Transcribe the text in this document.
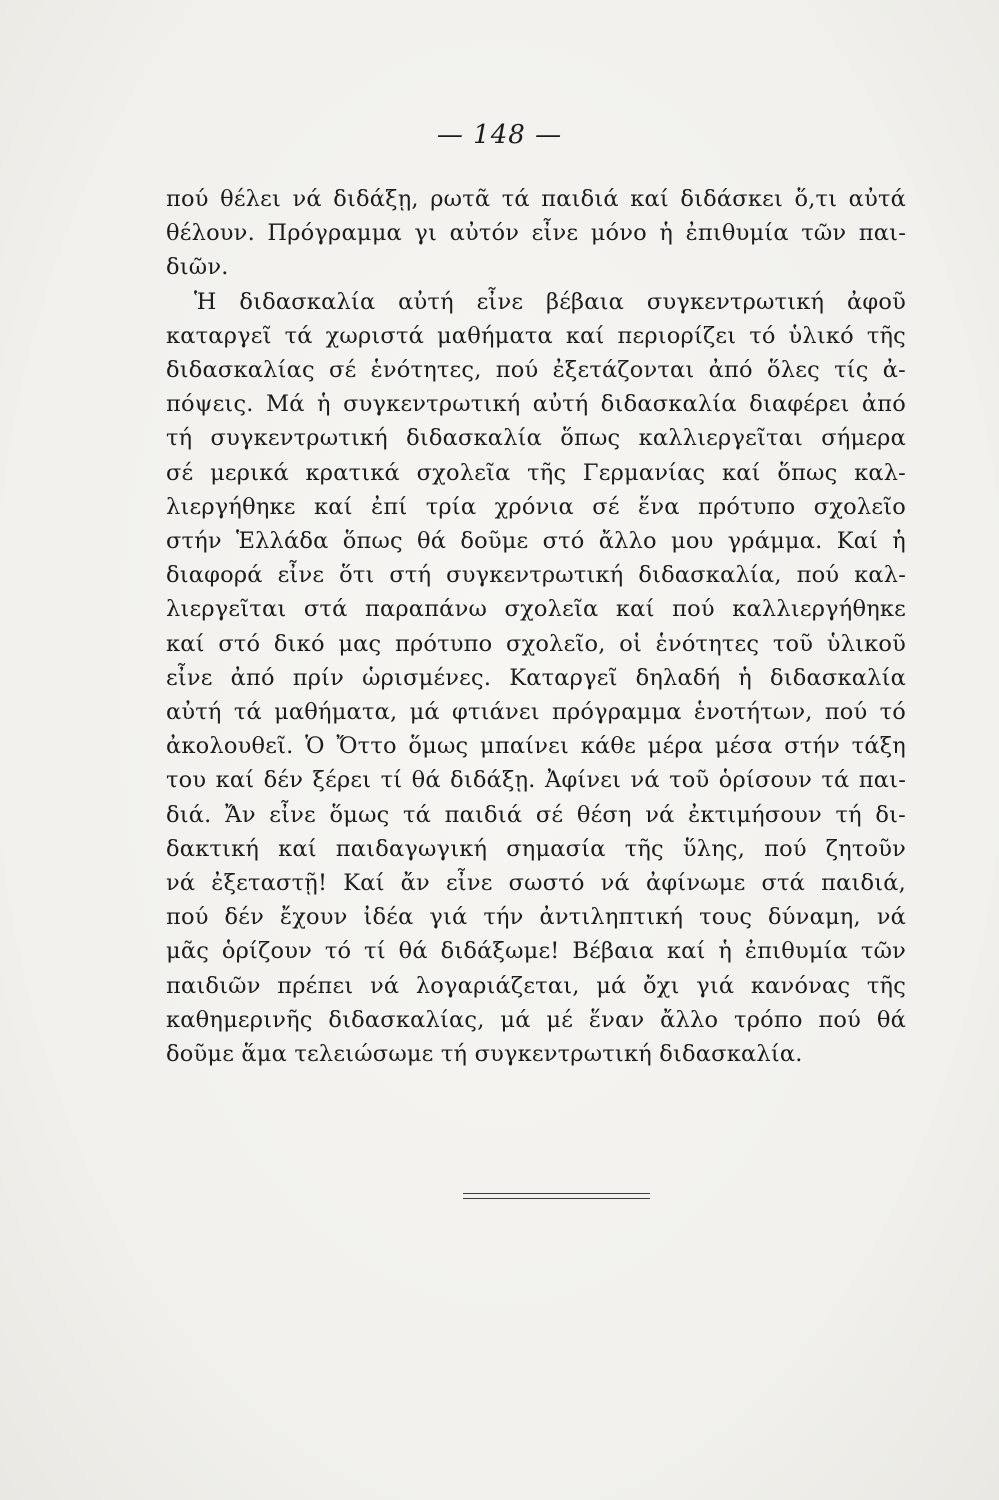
— 148 —
πού θέλει νά διδάξῃ, ρωτᾶ τά παιδιά καί διδάσκει ὅ,τι αὐτά
θέλουν. Πρόγραμμα γι αὐτόν εἶνε μόνο ἡ ἐπιθυμία τῶν παι-
διῶν.
Ἡ διδασκαλία αὐτή εἶνε βέβαια συγκεντρωτική ἀφοῦ
καταργεῖ τά χωριστά μαθήματα καί περιορίζει τό ὑλικό τῆς
διδασκαλίας σέ ἑνότητες, πού ἐξετάζονται ἀπό ὅλες τίς ἀ-
πόψεις. Μά ἡ συγκεντρωτική αὐτή διδασκαλία διαφέρει ἀπό
τή συγκεντρωτική διδασκαλία ὅπως καλλιεργεῖται σήμερα
σέ μερικά κρατικά σχολεῖα τῆς Γερμανίας καί ὅπως καλ-
λιεργήθηκε καί ἐπί τρία χρόνια σέ ἕνα πρότυπο σχολεῖο
στήν Ἑλλάδα ὅπως θά δοῦμε στό ἄλλο μου γράμμα. Καί ἡ
διαφορά εἶνε ὅτι στή συγκεντρωτική διδασκαλία, πού καλ-
λιεργεῖται στά παραπάνω σχολεῖα καί πού καλλιεργήθηκε
καί στό δικό μας πρότυπο σχολεῖο, οἱ ἑνότητες τοῦ ὑλικοῦ
εἶνε ἀπό πρίν ὡρισμένες. Καταργεῖ δηλαδή ἡ διδασκαλία
αὐτή τά μαθήματα, μά φτιάνει πρόγραμμα ἑνοτήτων, πού τό
ἀκολουθεῖ. Ὁ Ὄττο ὅμως μπαίνει κάθε μέρα μέσα στήν τάξη
του καί δέν ξέρει τί θά διδάξῃ. Ἀφίνει νά τοῦ ὁρίσουν τά παι-
διά. Ἄν εἶνε ὅμως τά παιδιά σέ θέση νά ἐκτιμήσουν τή δι-
δακτική καί παιδαγωγική σημασία τῆς ὕλης, πού ζητοῦν
νά ἐξεταστῇ! Καί ἄν εἶνε σωστό νά ἀφίνωμε στά παιδιά,
πού δέν ἔχουν ἰδέα γιά τήν ἀντιληπτική τους δύναμη, νά
μᾶς ὁρίζουν τό τί θά διδάξωμε! Βέβαια καί ἡ ἐπιθυμία τῶν
παιδιῶν πρέπει νά λογαριάζεται, μά ὄχι γιά κανόνας τῆς
καθημερινῆς διδασκαλίας, μά μέ ἕναν ἄλλο τρόπο πού θά
δοῦμε ἅμα τελειώσωμε τή συγκεντρωτική διδασκαλία.
